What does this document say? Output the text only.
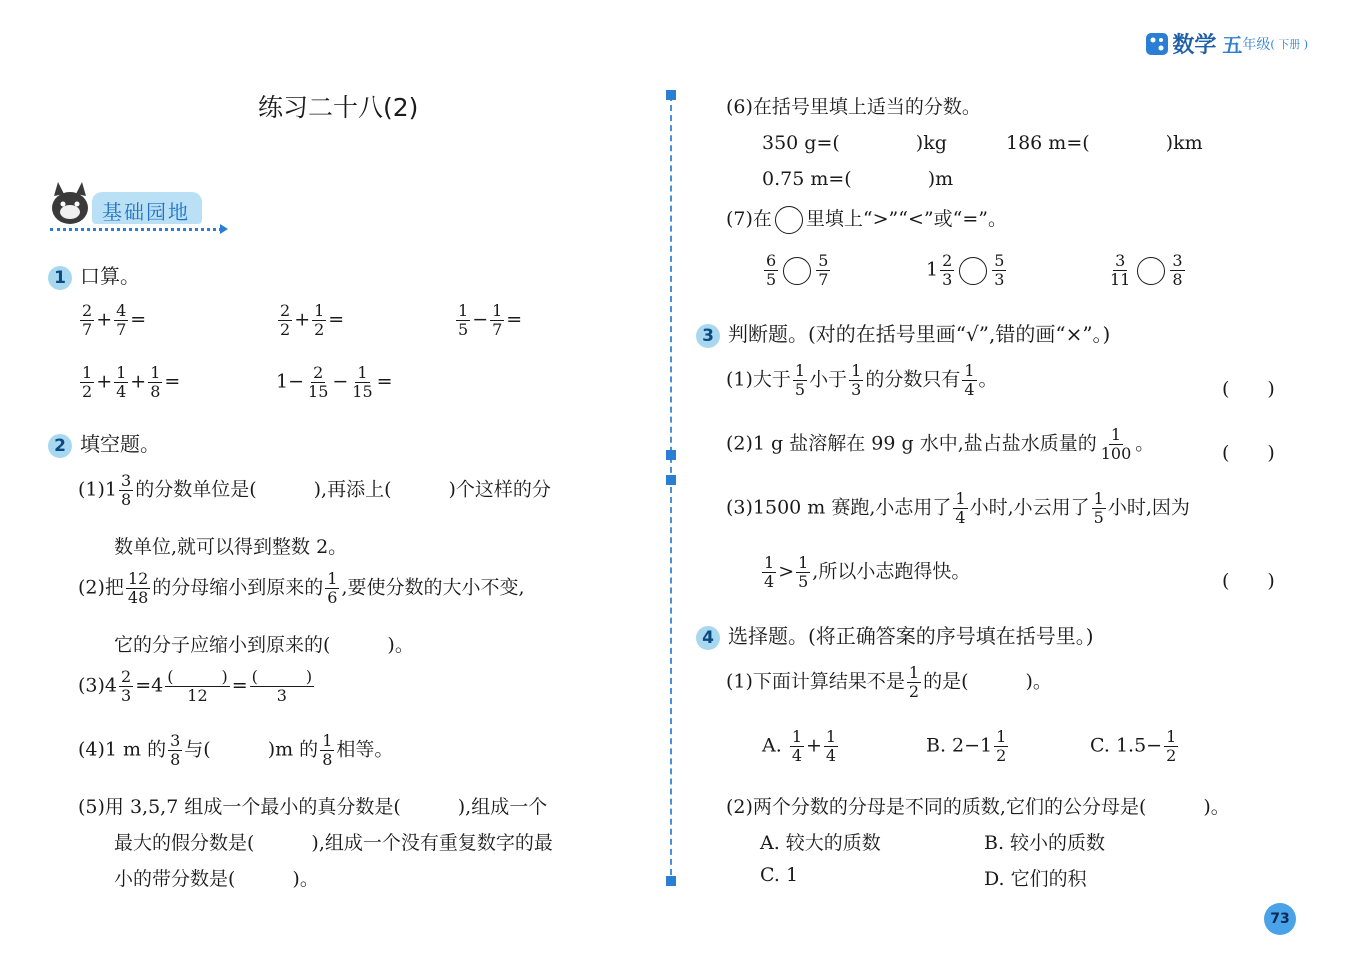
数学 五 年级 ( 下册 )
练习二十八(2)
基础园地
1 口算。
$\frac{2}{7} + \frac{4}{7}$ =	$\frac{2}{2} + \frac{1}{2}$ =	$\frac{1}{5} - \frac{1}{7}$ =
$\frac{1}{2} + \frac{1}{4} + \frac{1}{8}$ =	$1- \frac{2}{15} - \frac{1}{15}$ =
2 填空题。
$(1)1 \frac{3}{8}$ 的分数单位是(　　　),再添上(　　　)个这样的分
数单位,就可以得到整数 2。
(2)把 $\frac{12}{48}$ 的分母缩小到原来的 $\frac{1}{6}$ ,要使分数的大小不变,
它的分子应缩小到原来的(　　　)。
$(3)4 \frac{2}{3} =4 \frac{( )}{12} = \frac{( )}{3}$
(4)1 m 的 $\frac{3}{8}$ 与(　　　)m 的 $\frac{1}{8}$ 相等。
(5)用 3,5,7 组成一个最小的真分数是(　　　),组成一个
最大的假分数是(　　　),组成一个没有重复数字的最
小的带分数是(　　　)。
(6)在括号里填上适当的分数。
350 g=(　　　　)kg	186 m=(　　　　)km
0.75 m=(　　　　)m
(7)在 里填上“>”“<”或“=”。
$\frac{6}{5} \frac{5}{7}$	$1 \frac{2}{3} \frac{5}{3}$	$\frac{3}{11} \frac{3}{8}$
3 判断题。(对的在括号里画“√”,错的画“×”。)
(1)大于 $\frac{1}{5}$ 小于 $\frac{1}{3}$ 的分数只有 $\frac{1}{4}$ 。	(　　)
(2)1 g 盐溶解在 99 g 水中,盐占盐水质量的 $\frac{1}{100}$ 。	(　　)
(3)1500 m 赛跑,小志用了 $\frac{1}{4}$ 小时,小云用了 $\frac{1}{5}$ 小时,因为
$\frac{1}{4} > \frac{1}{5}$ ,所以小志跑得快。	(　　)
4 选择题。(将正确答案的序号填在括号里。)
(1)下面计算结果不是 $\frac{1}{2}$ 的是(　　　)。
A. $\frac{1}{4} + \frac{1}{4}$	B. $2-1 \frac{1}{2}$	C. $1.5- \frac{1}{2}$
(2)两个分数的分母是不同的质数,它们的公分母是(　　　)。
A. 较大的质数	B. 较小的质数
C. 1	D. 它们的积
73
